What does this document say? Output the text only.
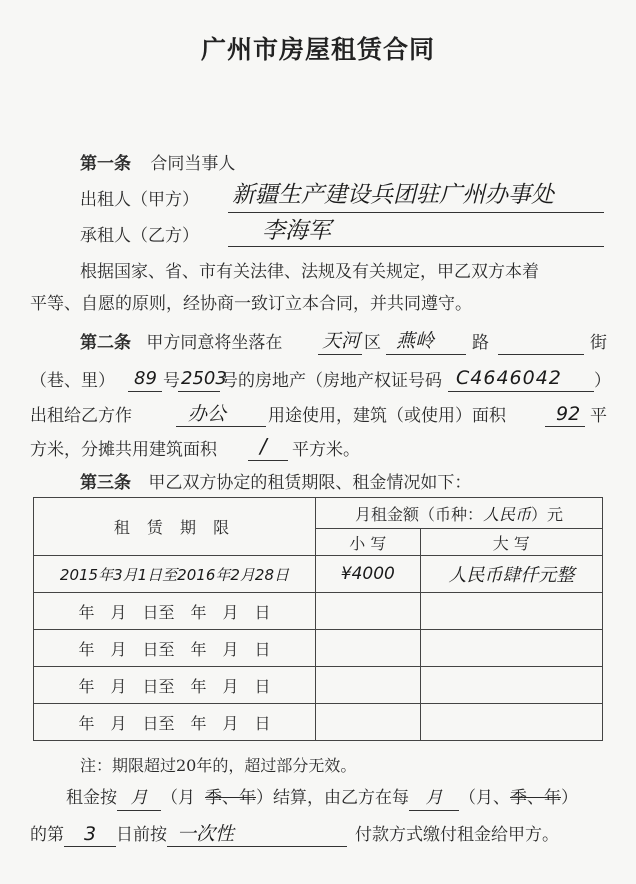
广州市房屋租赁合同
第一条 合同当事人
出租人（甲方） 新疆生产建设兵团驻广州办事处
承租人（乙方）	李海军
根据国家、省、市有关法律、法规及有关规定，甲乙双方本着
平等、自愿的原则，经协商一致订立本合同，并共同遵守。
第二条 甲方同意将坐落在 天河 区 燕岭 路	街
（巷、里） 89 号 2503
号的房地产（房地产权证号码 C4646042 ）
出租给乙方作	办公 用途使用，建筑（或使用）面积	92 平
方米，分摊共用建筑面积 / 平方米。
第三条 甲乙双方协定的租赁期限、租金情况如下：
租 赁 期 限	月租金额（币种：人民币）元	
	小 写	大 写
2015年3月1日至2016年2月28日	¥4000	人民币肆仟元整
年　月　日至　年　月　日		
年　月　日至　年　月　日		
年　月　日至　年　月　日		
年　月　日至　年　月　日		
注：期限超过20年的，超过部分无效。
租金按 月 （月 季、年）结算，由乙方在每 月 （月、季、年）
的第 3 日前按 一次性	付款方式缴付租金给甲方。
